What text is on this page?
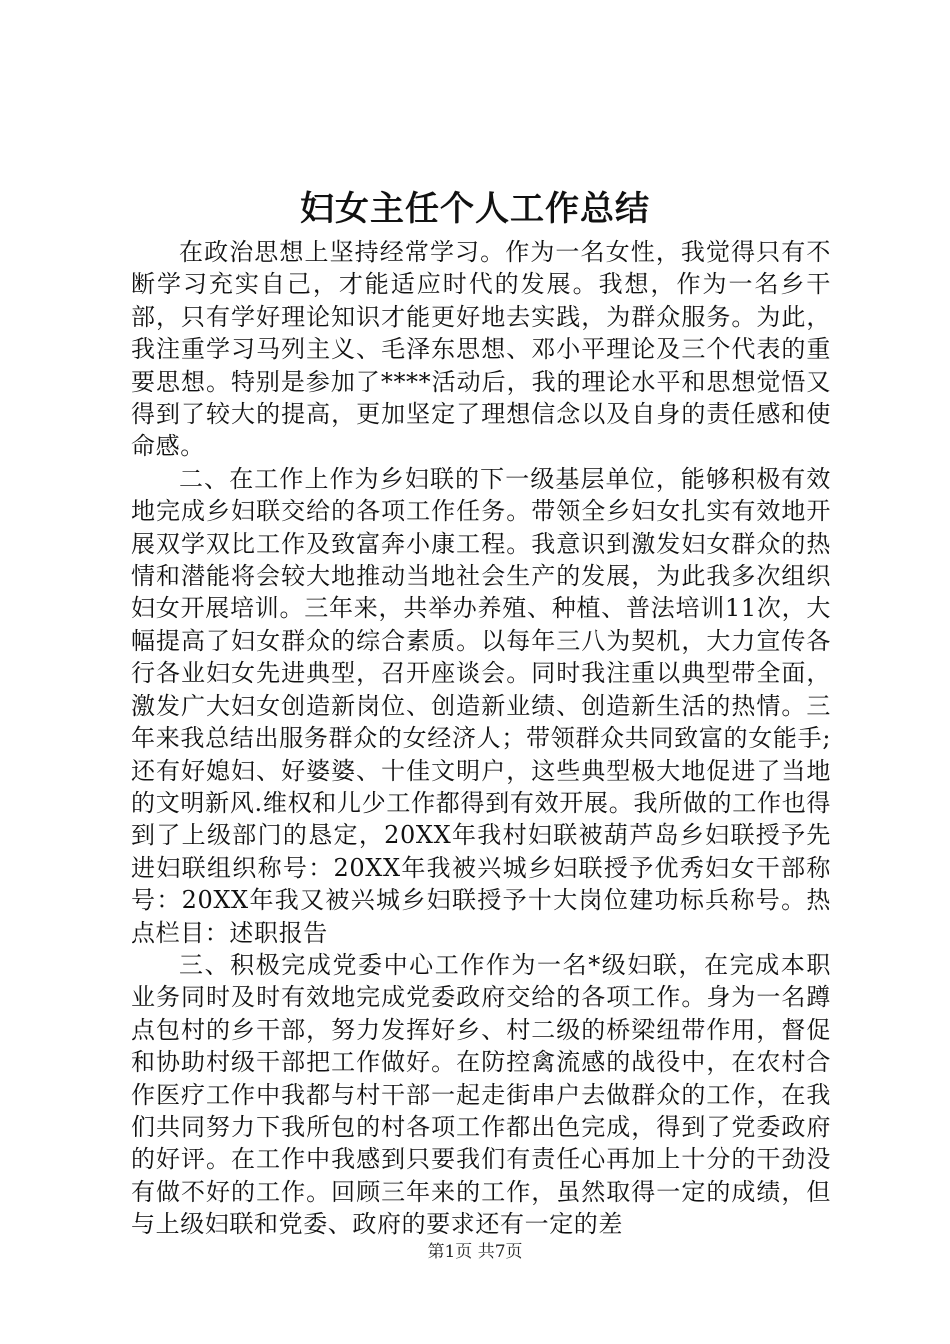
妇女主任个人工作总结

在政治思想上坚持经常学习。作为一名女性，我觉得只有不断学习充实自己，才能适应时代的发展。我想，作为一名乡干部，只有学好理论知识才能更好地去实践，为群众服务。为此，我注重学习马列主义、毛泽东思想、邓小平理论及三个代表的重要思想。特别是参加了****活动后，我的理论水平和思想觉悟又得到了较大的提高，更加坚定了理想信念以及自身的责任感和使命感。

二、在工作上作为乡妇联的下一级基层单位，能够积极有效地完成乡妇联交给的各项工作任务。带领全乡妇女扎实有效地开展双学双比工作及致富奔小康工程。我意识到激发妇女群众的热情和潜能将会较大地推动当地社会生产的发展，为此我多次组织妇女开展培训。三年来，共举办养殖、种植、普法培训11次，大幅提高了妇女群众的综合素质。以每年三八为契机，大力宣传各行各业妇女先进典型，召开座谈会。同时我注重以典型带全面，激发广大妇女创造新岗位、创造新业绩、创造新生活的热情。三年来我总结出服务群众的女经济人；带领群众共同致富的女能手;还有好媳妇、好婆婆、十佳文明户，这些典型极大地促进了当地的文明新风.维权和儿少工作都得到有效开展。我所做的工作也得到了上级部门的恳定，20XX年我村妇联被葫芦岛乡妇联授予先进妇联组织称号：20XX年我被兴城乡妇联授予优秀妇女干部称号：20XX年我又被兴城乡妇联授予十大岗位建功标兵称号。热点栏目：述职报告

三、积极完成党委中心工作作为一名*级妇联，在完成本职业务同时及时有效地完成党委政府交给的各项工作。身为一名蹲点包村的乡干部，努力发挥好乡、村二级的桥梁纽带作用，督促和协助村级干部把工作做好。在防控禽流感的战役中，在农村合作医疗工作中我都与村干部一起走街串户去做群众的工作，在我们共同努力下我所包的村各项工作都出色完成，得到了党委政府的好评。在工作中我感到只要我们有责任心再加上十分的干劲没有做不好的工作。回顾三年来的工作，虽然取得一定的成绩，但与上级妇联和党委、政府的要求还有一定的差

第1页 共7页
